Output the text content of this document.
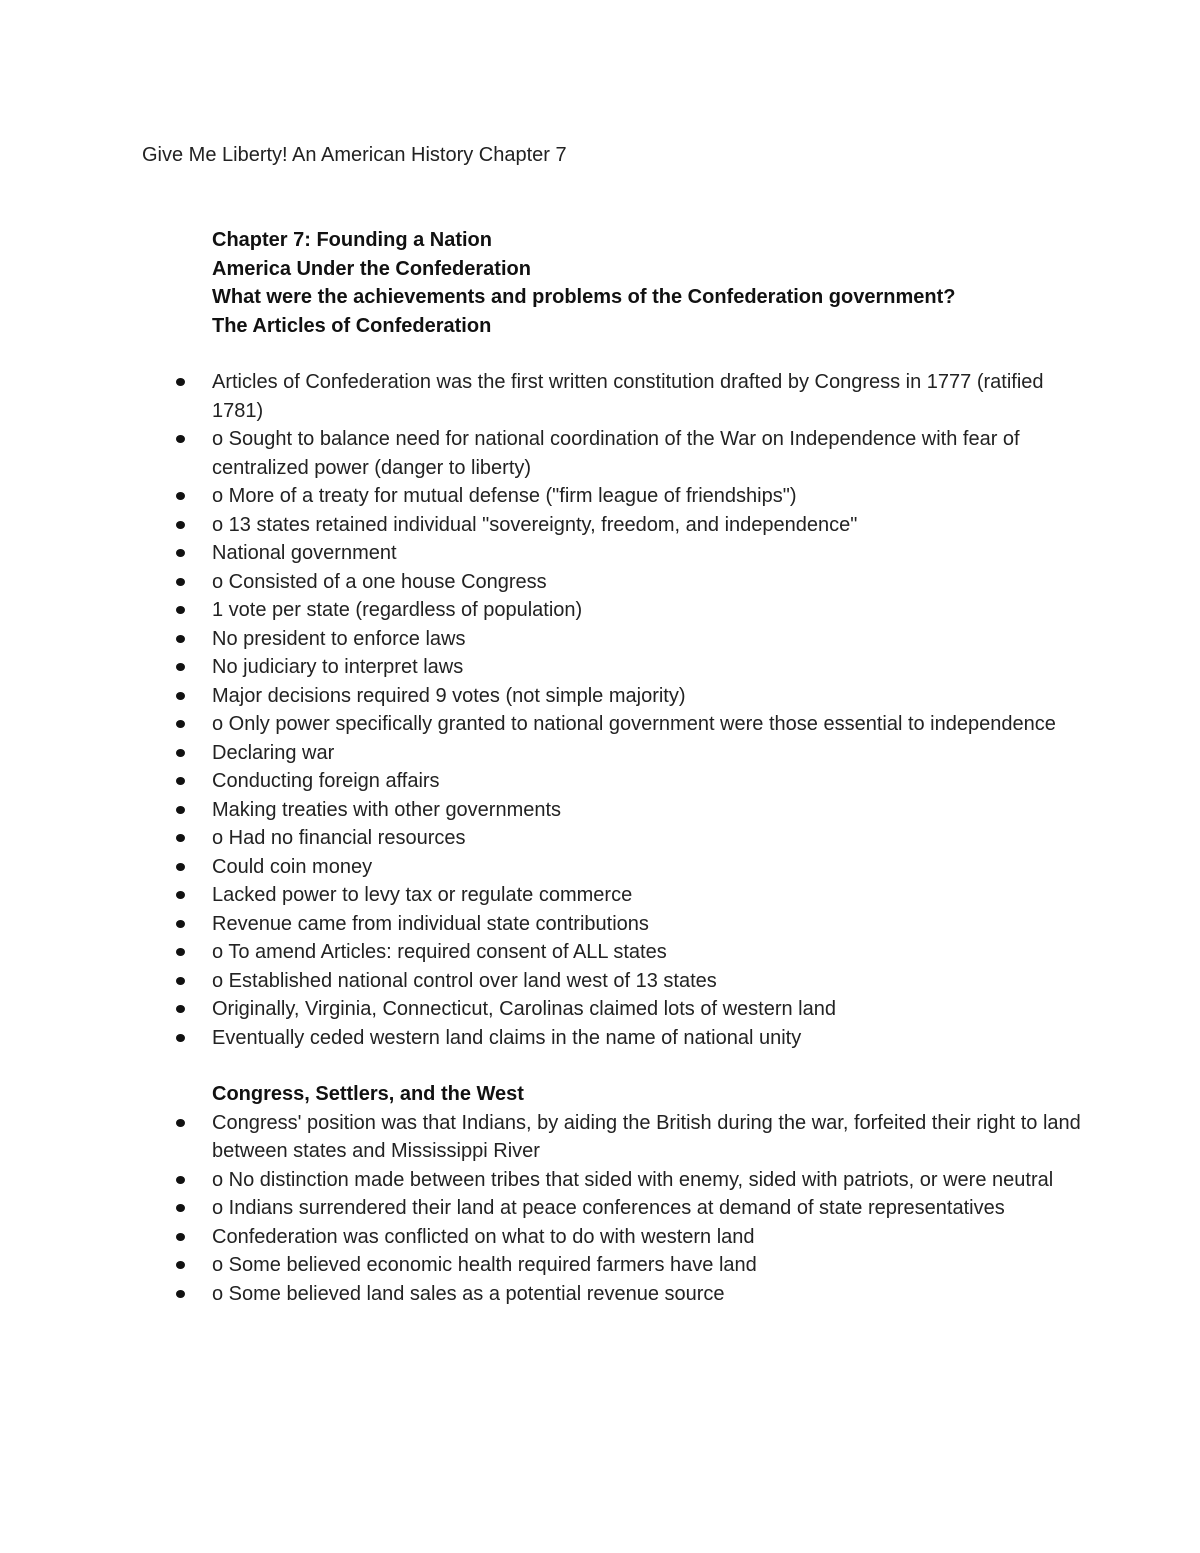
Give Me Liberty! An American History Chapter 7

Chapter 7: Founding a Nation

America Under the Confederation

What were the achievements and problems of the Confederation government?

The Articles of Confederation

Articles of Confederation was the first written constitution drafted by Congress in 1777 (ratified 1781)
o Sought to balance need for national coordination of the War on Independence with fear of centralized power (danger to liberty)
o More of a treaty for mutual defense ("firm league of friendships")
o 13 states retained individual "sovereignty, freedom, and independence"
National government
o Consisted of a one house Congress
1 vote per state (regardless of population)
No president to enforce laws
No judiciary to interpret laws
Major decisions required 9 votes (not simple majority)
o Only power specifically granted to national government were those essential to independence
Declaring war
Conducting foreign affairs
Making treaties with other governments
o Had no financial resources
Could coin money
Lacked power to levy tax or regulate commerce
Revenue came from individual state contributions
o To amend Articles: required consent of ALL states
o Established national control over land west of 13 states
Originally, Virginia, Connecticut, Carolinas claimed lots of western land
Eventually ceded western land claims in the name of national unity

Congress, Settlers, and the West

Congress' position was that Indians, by aiding the British during the war, forfeited their right to land between states and Mississippi River
o No distinction made between tribes that sided with enemy, sided with patriots, or were neutral
o Indians surrendered their land at peace conferences at demand of state representatives
Confederation was conflicted on what to do with western land
o Some believed economic health required farmers have land
o Some believed land sales as a potential revenue source
